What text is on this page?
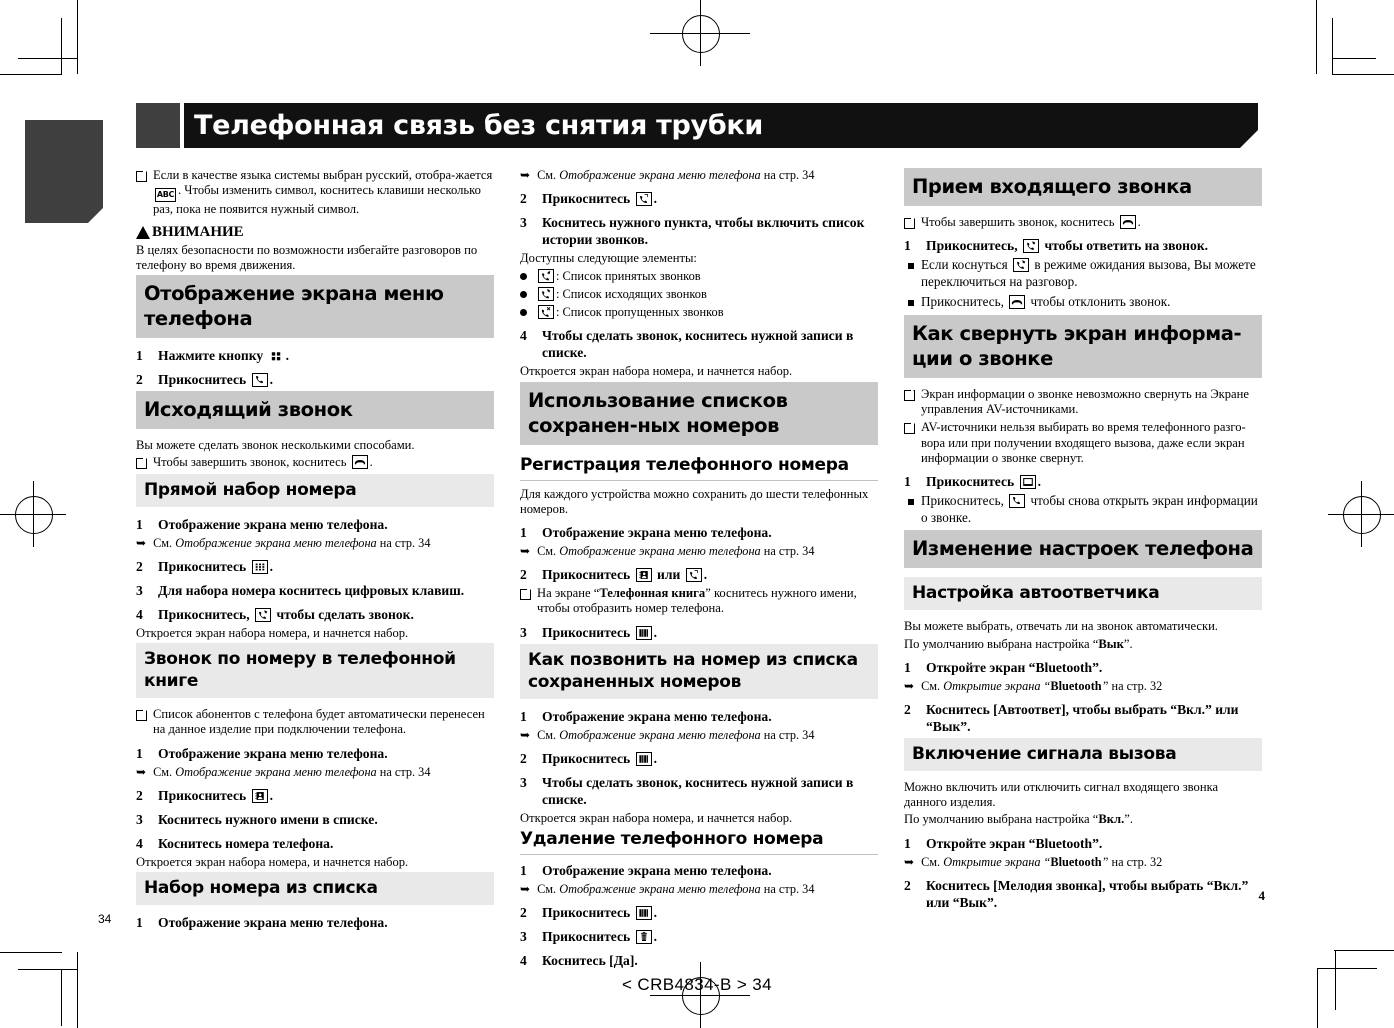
Телефонная связь без снятия трубки
Если в качестве языка системы выбран русский, отобра-жается ABC . Чтобы изменить символ, коснитесь клавиши несколько раз, пока не появится нужный символ.
ВНИМАНИЕ

В целях безопасности по возможности избегайте разговоров по телефону во время движения.

Отображение экрана меню телефона
1	Нажмите кнопку .
2	Прикоснитесь .
Исходящий звонок

Вы можете сделать звонок несколькими способами.

Чтобы завершить звонок, коснитесь .
Прямой набор номера
1	Отображение экрана меню телефона.
➥ См. Отображение экрана меню телефона на стр. 34
2	Прикоснитесь .
3	Для набора номера коснитесь цифровых клавиш.
4	Прикоснитесь, чтобы сделать звонок.

Откроется экран набора номера, и начнется набор.

Звонок по номеру в телефонной книге
Список абонентов с телефона будет автоматически перенесен на данное изделие при подключении телефона.
1	Отображение экрана меню телефона.
➥ См. Отображение экрана меню телефона на стр. 34
2	Прикоснитесь .
3	Коснитесь нужного имени в списке.
4	Коснитесь номера телефона.

Откроется экран набора номера, и начнется набор.

Набор номера из списка
1	Отображение экрана меню телефона.
➥ См. Отображение экрана меню телефона на стр. 34
2	Прикоснитесь .
3	Коснитесь нужного пункта, чтобы включить список истории звонков.

Доступны следующие элементы:

: Список принятых звонков
: Список исходящих звонков
: Список пропущенных звонков
4	Чтобы сделать звонок, коснитесь нужной записи в списке.

Откроется экран набора номера, и начнется набор.

Использование списков сохранен-ных номеров
Регистрация телефонного номера

Для каждого устройства можно сохранить до шести телефонных номеров.

1	Отображение экрана меню телефона.
➥ См. Отображение экрана меню телефона на стр. 34
2	Прикоснитесь или .
На экране “Телефонная книга” коснитесь нужного имени, чтобы отобразить номер телефона.
3	Прикоснитесь .
Как позвонить на номер из списка сохраненных номеров
1	Отображение экрана меню телефона.
➥ См. Отображение экрана меню телефона на стр. 34
2	Прикоснитесь .
3	Чтобы сделать звонок, коснитесь нужной записи в списке.

Откроется экран набора номера, и начнется набор.

Удаление телефонного номера
1	Отображение экрана меню телефона.
➥ См. Отображение экрана меню телефона на стр. 34
2	Прикоснитесь .
3	Прикоснитесь .
4	Коснитесь [Да].
Прием входящего звонка
Чтобы завершить звонок, коснитесь .
1	Прикоснитесь, чтобы ответить на звонок.
Если коснуться в режиме ожидания вызова, Вы можете переключиться на разговор.
Прикоснитесь, чтобы отклонить звонок.
Как свернуть экран информа-ции о звонке
Экран информации о звонке невозможно свернуть на Экране управления AV-источниками.
AV-источники нельзя выбирать во время телефонного разго-вора или при получении входящего вызова, даже если экран информации о звонке свернут.
1	Прикоснитесь .
Прикоснитесь, чтобы снова открыть экран информации о звонке.
Изменение настроек телефона
Настройка автоответчика

Вы можете выбрать, отвечать ли на звонок автоматически.

По умолчанию выбрана настройка “Вык”.

1	Откройте экран “Bluetooth”.
➥ См. Открытие экрана “Bluetooth” на стр. 32
2	Коснитесь [Автоответ], чтобы выбрать “Вкл.” или “Вык”.
Включение сигнала вызова

Можно включить или отключить сигнал входящего звонка данного изделия.

По умолчанию выбрана настройка “Вкл.”.

1	Откройте экран “Bluetooth”.
➥ См. Открытие экрана “Bluetooth” на стр. 32
2	Коснитесь [Мелодия звонка], чтобы выбрать “Вкл.” или “Вык”.	4
34
< CRB4834-B > 34
